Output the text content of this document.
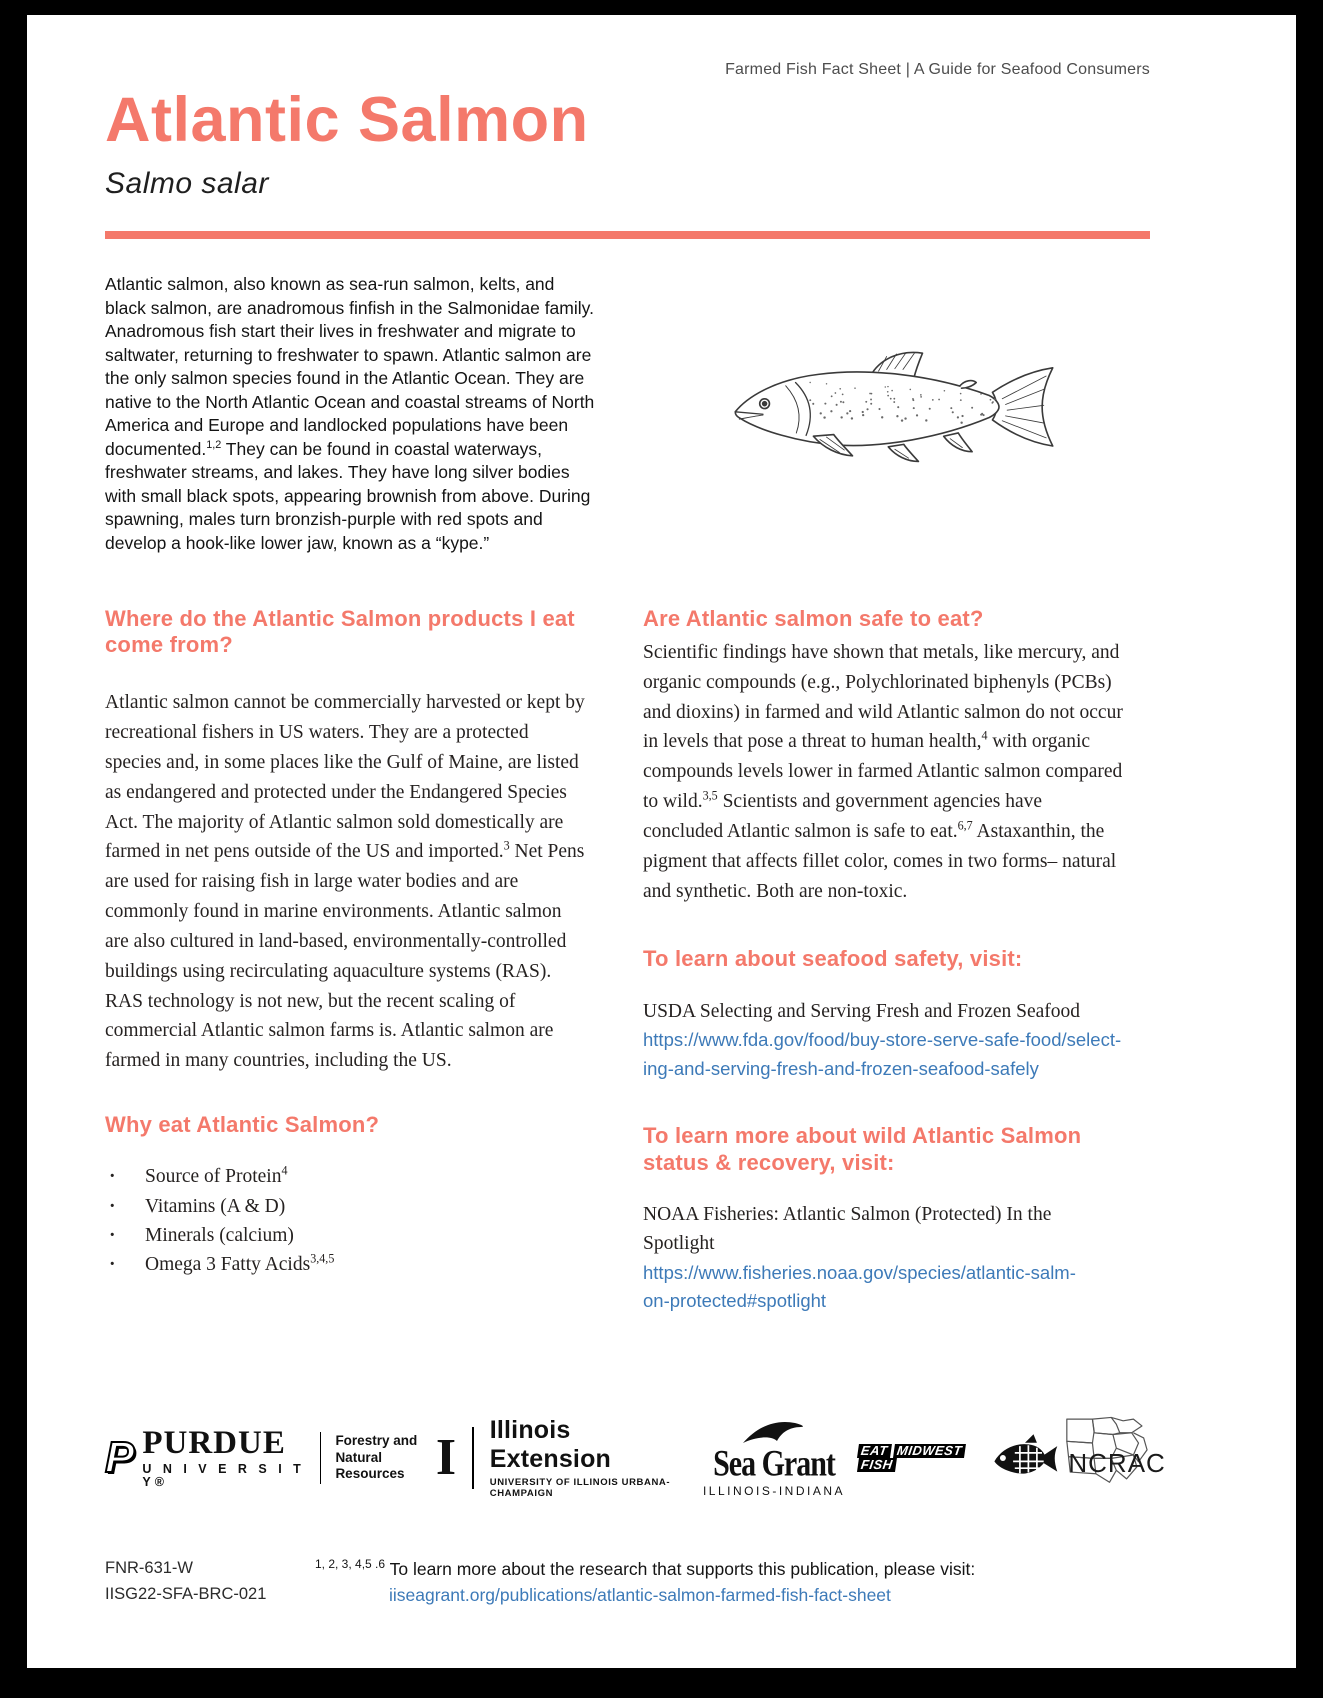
Farmed Fish Fact Sheet | A Guide for Seafood Consumers
Atlantic Salmon
Salmo salar

Atlantic salmon, also known as sea-run salmon, kelts, and black salmon, are anadromous finfish in the Salmonidae family. Anadromous fish start their lives in freshwater and migrate to saltwater, returning to freshwater to spawn. Atlantic salmon are the only salmon species found in the Atlantic Ocean. They are native to the North Atlantic Ocean and coastal streams of North America and Europe and landlocked populations have been documented.$^{1,2}$ They can be found in coastal waterways, freshwater streams, and lakes. They have long silver bodies with small black spots, appearing brownish from above. During spawning, males turn bronzish-purple with red spots and develop a hook-like lower jaw, known as a “kype.”

Where do the Atlantic Salmon products I eat come from?

Atlantic salmon cannot be commercially harvested or kept by recreational fishers in US waters. They are a protected species and, in some places like the Gulf of Maine, are listed as endangered and protected under the Endangered Species Act. The majority of Atlantic salmon sold domestically are farmed in net pens outside of the US and imported.$^3$ Net Pens are used for raising fish in large water bodies and are commonly found in marine environments. Atlantic salmon are also cultured in land-based, environmentally-controlled buildings using recirculating aquaculture systems (RAS). RAS technology is not new, but the recent scaling of commercial Atlantic salmon farms is. Atlantic salmon are farmed in many countries, including the US.

Why eat Atlantic Salmon?
· Source of Protein$^4$
· Vitamins (A & D)
· Minerals (calcium)
· Omega 3 Fatty Acids$^{3,4,5}$
Are Atlantic salmon safe to eat?

Scientific findings have shown that metals, like mercury, and organic compounds (e.g., Polychlorinated biphenyls (PCBs) and dioxins) in farmed and wild Atlantic salmon do not occur in levels that pose a threat to human health,$^4$ with organic compounds levels lower in farmed Atlantic salmon compared to wild.$^{3,5}$ Scientists and government agencies have concluded Atlantic salmon is safe to eat.$^{6,7}$ Astaxanthin, the pigment that affects fillet color, comes in two forms– natural and synthetic. Both are non-toxic.

To learn about seafood safety, visit:
USDA Selecting and Serving Fresh and Frozen Seafood
https://www.fda.gov/food/buy-store-serve-safe-food/select-
ing-and-serving-fresh-and-frozen-seafood-safely
To learn more about wild Atlantic Salmon status & recovery, visit:
NOAA Fisheries: Atlantic Salmon (Protected) In the Spotlight
https://www.fisheries.noaa.gov/species/atlantic-salm-
on-protected#spotlight
P PURDUE
U N I V E R S I T Y®
Forestry and Natural Resources I Illinois Extension
UNIVERSITY OF ILLINOIS URBANA-CHAMPAIGN
Sea Grant
ILLINOIS-INDIANA
EAT MIDWEST FISH	NCRAC
FNR-631-W
IISG22-SFA-BRC-021
$^{1, 2, 3, 4,5 .6}$ To learn more about the research that supports this publication, please visit:
iiseagrant.org/publications/atlantic-salmon-farmed-fish-fact-sheet
